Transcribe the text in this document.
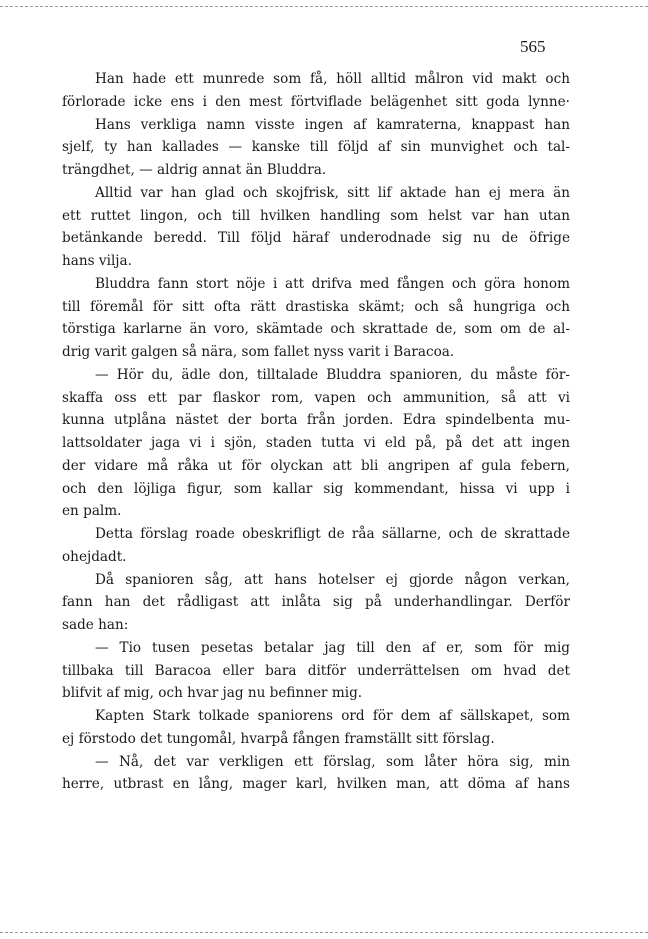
565
Han hade ett munrede som få, höll alltid målron vid makt och
förlorade icke ens i den mest förtviflade belägenhet sitt goda lynne·
Hans verkliga namn visste ingen af kamraterna, knappast han
sjelf, ty han kallades — kanske till följd af sin munvighet och tal-
trängdhet, — aldrig annat än Bluddra.
Alltid var han glad och skojfrisk, sitt lif aktade han ej mera än
ett ruttet lingon, och till hvilken handling som helst var han utan
betänkande beredd. Till följd häraf underodnade sig nu de öfrige
hans vilja.
Bluddra fann stort nöje i att drifva med fången och göra honom
till föremål för sitt ofta rätt drastiska skämt; och så hungriga och
törstiga karlarne än voro, skämtade och skrattade de, som om de al-
drig varit galgen så nära, som fallet nyss varit i Baracoa.
— Hör du, ädle don, tilltalade Bluddra spanioren, du måste för-
skaffa oss ett par flaskor rom, vapen och ammunition, så att vi
kunna utplåna nästet der borta från jorden. Edra spindelbenta mu-
lattsoldater jaga vi i sjön, staden tutta vi eld på, på det att ingen
der vidare må råka ut för olyckan att bli angripen af gula febern,
och den löjliga figur, som kallar sig kommendant, hissa vi upp i
en palm.
Detta förslag roade obeskrifligt de råa sällarne, och de skrattade
ohejdadt.
Då spanioren såg, att hans hotelser ej gjorde någon verkan,
fann han det rådligast att inlåta sig på underhandlingar. Derför
sade han:
— Tio tusen pesetas betalar jag till den af er, som för mig
tillbaka till Baracoa eller bara ditför underrättelsen om hvad det
blifvit af mig, och hvar jag nu befinner mig.
Kapten Stark tolkade spaniorens ord för dem af sällskapet, som
ej förstodo det tungomål, hvarpå fången framställt sitt förslag.
— Nå, det var verkligen ett förslag, som låter höra sig, min
herre, utbrast en lång, mager karl, hvilken man, att döma af hans
